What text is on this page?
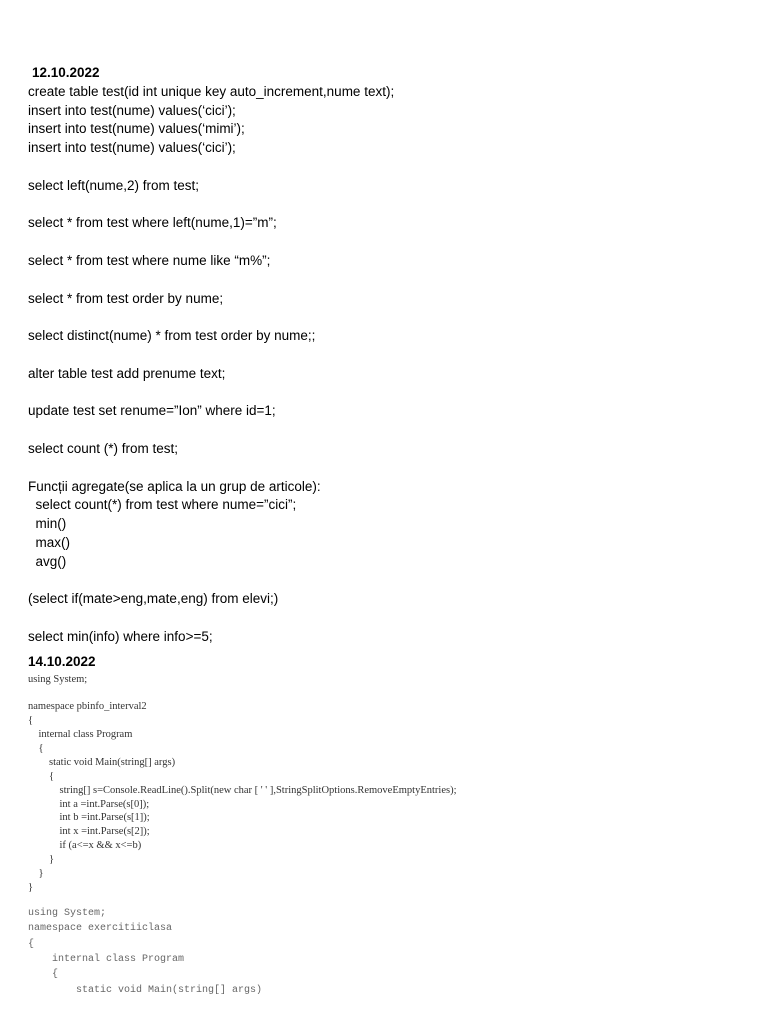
12.10.2022
create table test(id int unique key auto_increment,nume text);
insert into test(nume) values(‘cici’);
insert into test(nume) values(‘mimi’);
insert into test(nume) values(‘cici’);
select left(nume,2) from test;
select * from test where left(nume,1)=”m”;
select * from test where nume like “m%”;
select * from test order by nume;
select distinct(nume) * from test order by nume;;
alter table test add prenume text;
update test set renume=”Ion” where id=1;
select count (*) from test;
Funcții agregate(se aplica la un grup de articole):
select count(*) from test where nume=”cici”;
min()
max()
avg()
(select if(mate>eng,mate,eng) from elevi;)
select min(info) where info>=5;
14.10.2022
using System;
namespace pbinfo_interval2
{
internal class Program
{
static void Main(string[] args)
{
string[] s=Console.ReadLine().Split(new char [ ' ' ],StringSplitOptions.RemoveEmptyEntries);
int a =int.Parse(s[0]);
int b =int.Parse(s[1]);
int x =int.Parse(s[2]);
if (a<=x && x<=b)
}
}
}
using System;
namespace exercitiiclasa
{
internal class Program
{
static void Main(string[] args)
